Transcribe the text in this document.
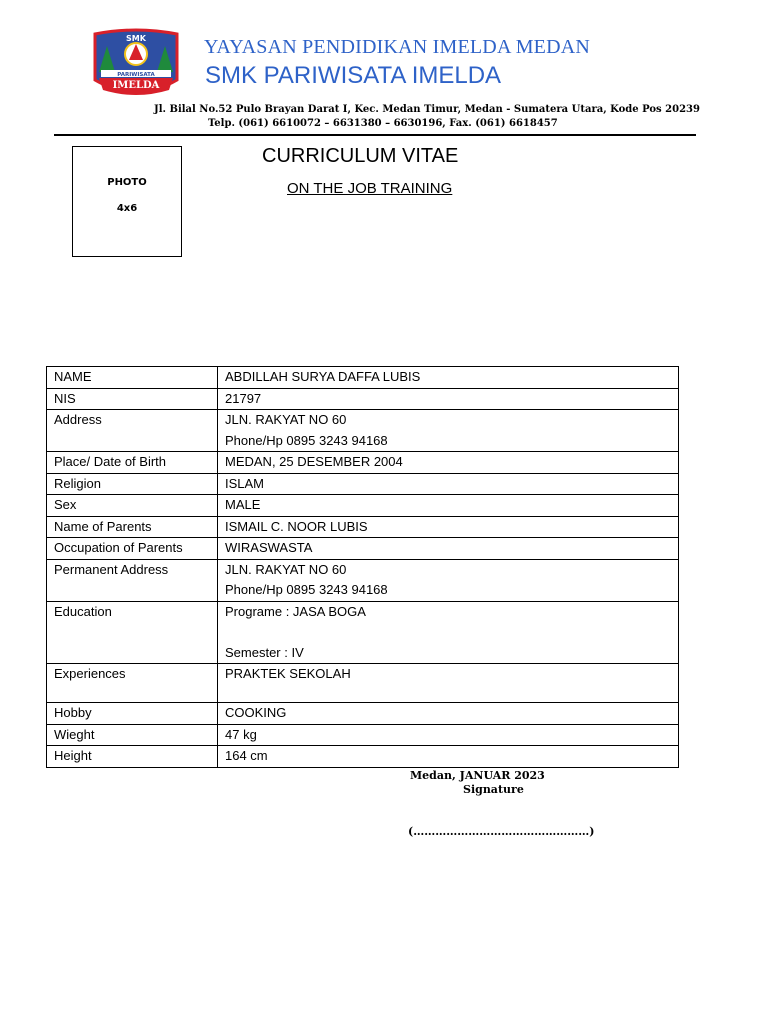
SMK
PARIWISATA
IMELDA
YAYASAN PENDIDIKAN IMELDA MEDAN
SMK PARIWISATA IMELDA
Jl. Bilal No.52 Pulo Brayan Darat I, Kec. Medan Timur, Medan - Sumatera Utara, Kode Pos 20239
Telp. (061) 6610072 – 6631380 – 6630196, Fax. (061) 6618457
PHOTO
4x6
CURRICULUM VITAE
ON THE JOB TRAINING
NAME	ABDILLAH SURYA DAFFA LUBIS

NIS	21797

Address	JLN. RAKYAT NO 60
Phone/Hp 0895 3243 94168

Place/ Date of Birth	MEDAN, 25 DESEMBER 2004

Religion	ISLAM

Sex	MALE

Name of Parents	ISMAIL C. NOOR LUBIS

Occupation of Parents	WIRASWASTA

Permanent Address	JLN. RAKYAT NO 60
Phone/Hp 0895 3243 94168

Education	Programe : JASA BOGA

Semester : IV

Experiences	PRAKTEK SEKOLAH

Hobby	COOKING

Wieght	47 kg

Height	164 cm
Medan, JANUAR 2023
Signature
(…………………………………………)
